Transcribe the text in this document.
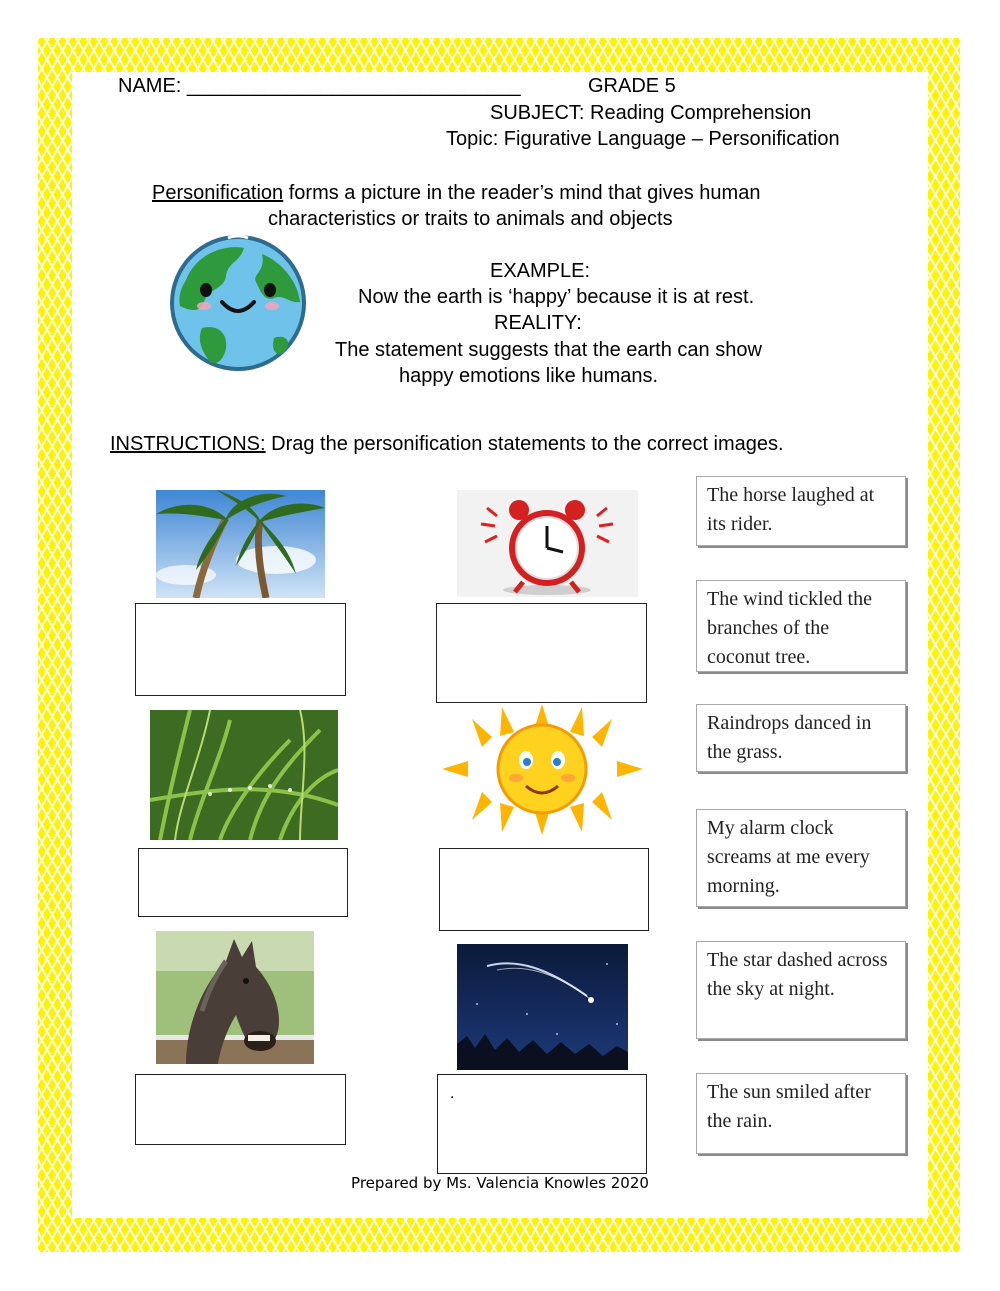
NAME: ______________________________	GRADE 5
SUBJECT: Reading Comprehension
Topic: Figurative Language – Personification
Personification forms a picture in the reader’s mind that gives human
characteristics or traits to animals and objects
EXAMPLE:
Now the earth is ‘happy’ because it is at rest.
REALITY:
The statement suggests that the earth can show
happy emotions like humans.
INSTRUCTIONS: Drag the personification statements to the correct images.
.
The horse laughed at its rider.
The wind tickled the branches of the coconut tree.
Raindrops danced in the grass.
My alarm clock screams at me every morning.
The star dashed across the sky at night.
The sun smiled after the rain.
Prepared by Ms. Valencia Knowles 2020
